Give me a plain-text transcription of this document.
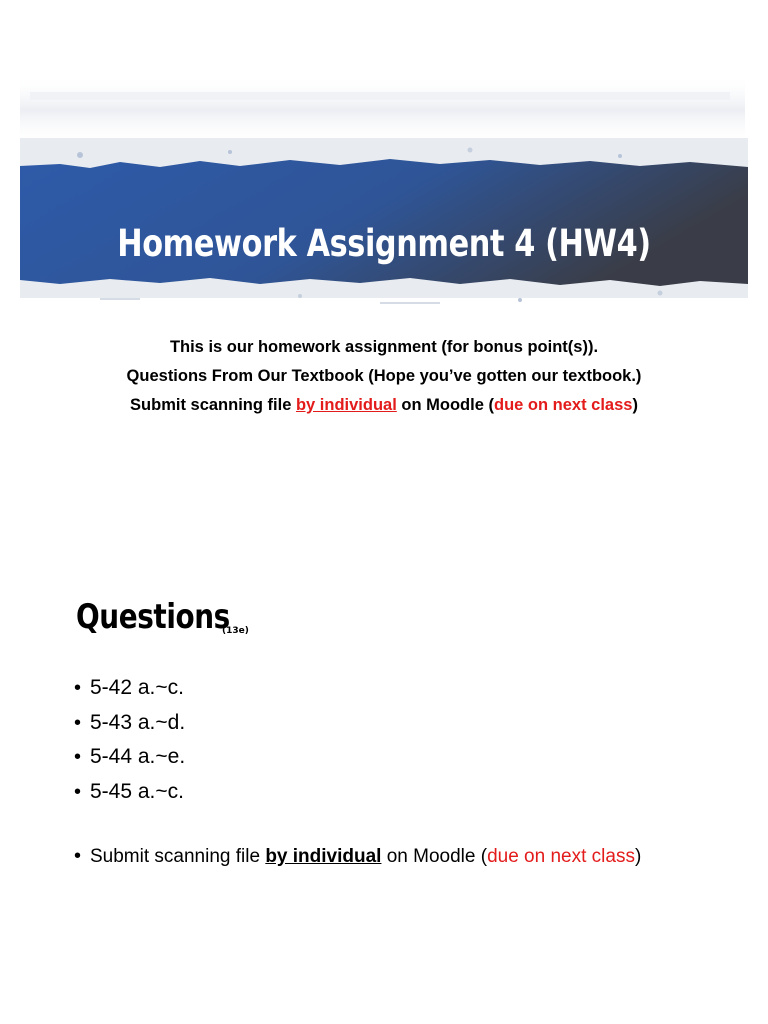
Homework Assignment 4 (HW4)
This is our homework assignment (for bonus point(s)).
Questions From Our Textbook (Hope you’ve gotten our textbook.)
Submit scanning file by individual on Moodle (due on next class)
Questions
(13e)
• 5-42 a.~c.
• 5-43 a.~d.
• 5-44 a.~e.
• 5-45 a.~c.
• Submit scanning file by individual on Moodle (due on next class)
